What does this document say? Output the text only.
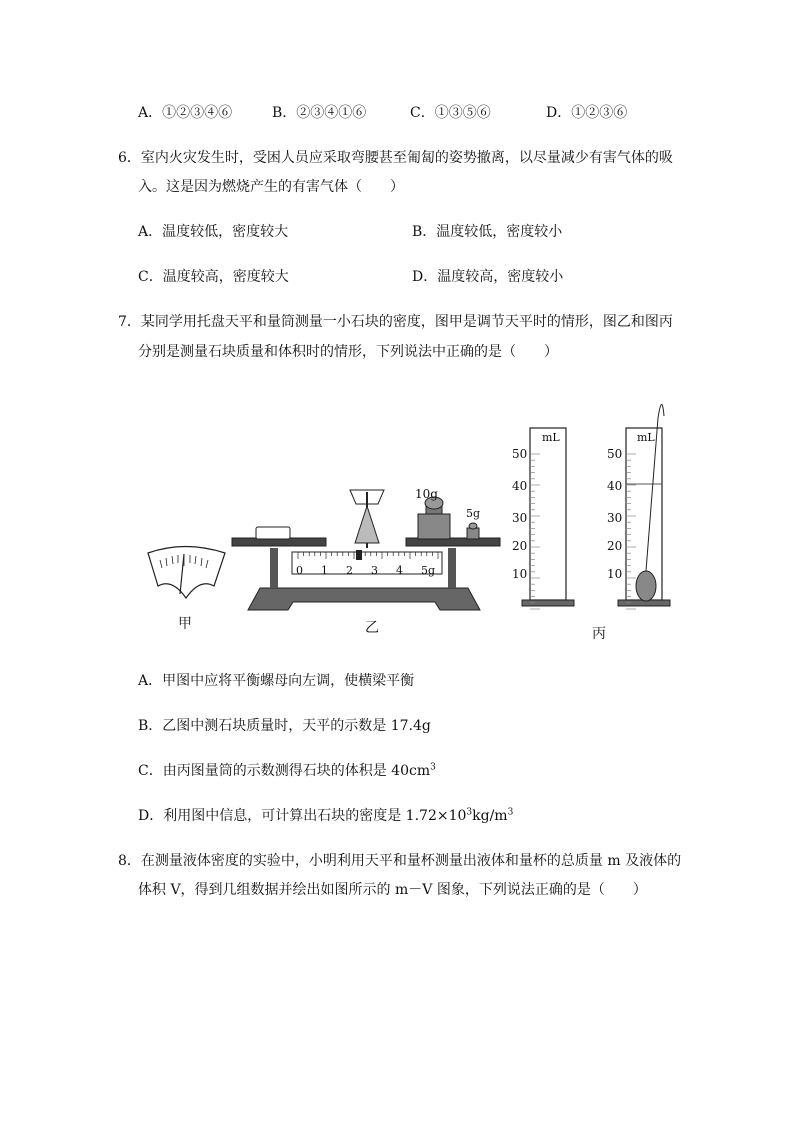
A．①②③④⑥	B．②③④①⑥	C．①③⑤⑥	D．①②③⑥
6．室内火灾发生时，受困人员应采取弯腰甚至匍匐的姿势撤离，以尽量减少有害气体的吸
入。这是因为燃烧产生的有害气体（　　）
A．温度较低，密度较大	B．温度较低，密度较小
C．温度较高，密度较大	D．温度较高，密度较小
7．某同学用托盘天平和量筒测量一小石块的密度，图甲是调节天平时的情形，图乙和图丙
分别是测量石块质量和体积时的情形，下列说法中正确的是（　　）
10g
5g
mL	mL
50
40
30
20
10
50
40
30
20
10
0 1 2 3 4 5g
甲	乙	丙
A．甲图中应将平衡螺母向左调，使横梁平衡
B．乙图中测石块质量时，天平的示数是 17.4g
C．由丙图量筒的示数测得石块的体积是 $40cm^3$
D．利用图中信息，可计算出石块的密度是 $1.72\times 10^3kg/m^3$
8．在测量液体密度的实验中，小明利用天平和量杯测量出液体和量杯的总质量 m 及液体的
体积 V，得到几组数据并绘出如图所示的 m－V 图象，下列说法正确的是（　　）
